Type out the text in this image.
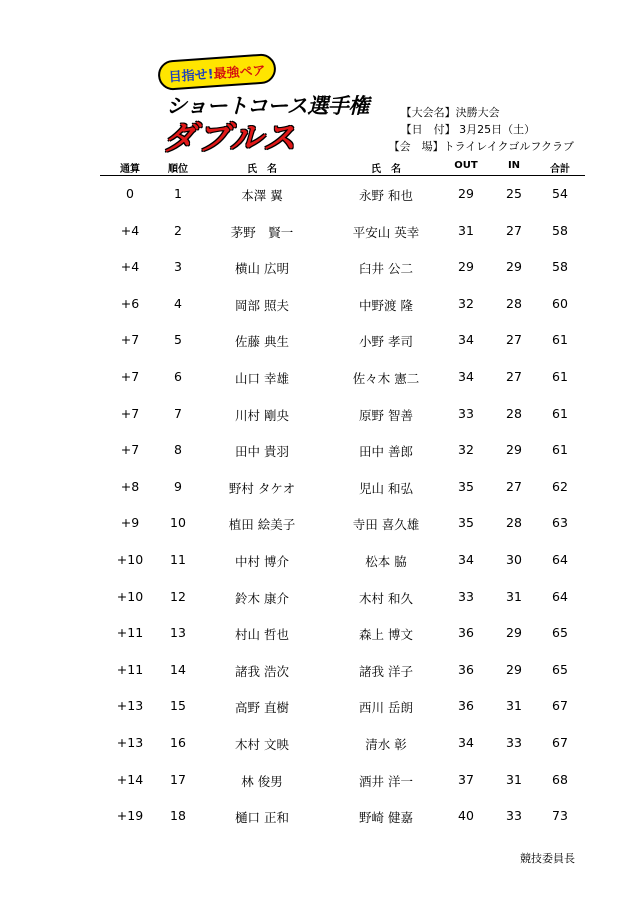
目指せ!最強ペア
ショートコース選手権
ダブルス
【大会名】決勝大会
【日　付】 3月25日（土）
【会　場】トライレイクゴルフクラブ
通算	順位	氏　名	氏　名	OUT	IN	合計
0	1	本澤 翼	永野 和也	29	25	54
+4	2	茅野　賢一	平安山 英幸	31	27	58
+4	3	横山 広明	臼井 公二	29	29	58
+6	4	岡部 照夫	中野渡 隆	32	28	60
+7	5	佐藤 典生	小野 孝司	34	27	61
+7	6	山口 幸雄	佐々木 憲二	34	27	61
+7	7	川村 剛央	原野 智善	33	28	61
+7	8	田中 貴羽	田中 善郎	32	29	61
+8	9	野村 タケオ	児山 和弘	35	27	62
+9	10	植田 絵美子	寺田 喜久雄	35	28	63
+10	11	中村 博介	松本 脇	34	30	64
+10	12	鈴木 康介	木村 和久	33	31	64
+11	13	村山 哲也	森上 博文	36	29	65
+11	14	諸我 浩次	諸我 洋子	36	29	65
+13	15	高野 直樹	西川 岳朗	36	31	67
+13	16	木村 文映	清水 彰	34	33	67
+14	17	林 俊男	酒井 洋一	37	31	68
+19	18	樋口 正和	野崎 健嘉	40	33	73
競技委員長
